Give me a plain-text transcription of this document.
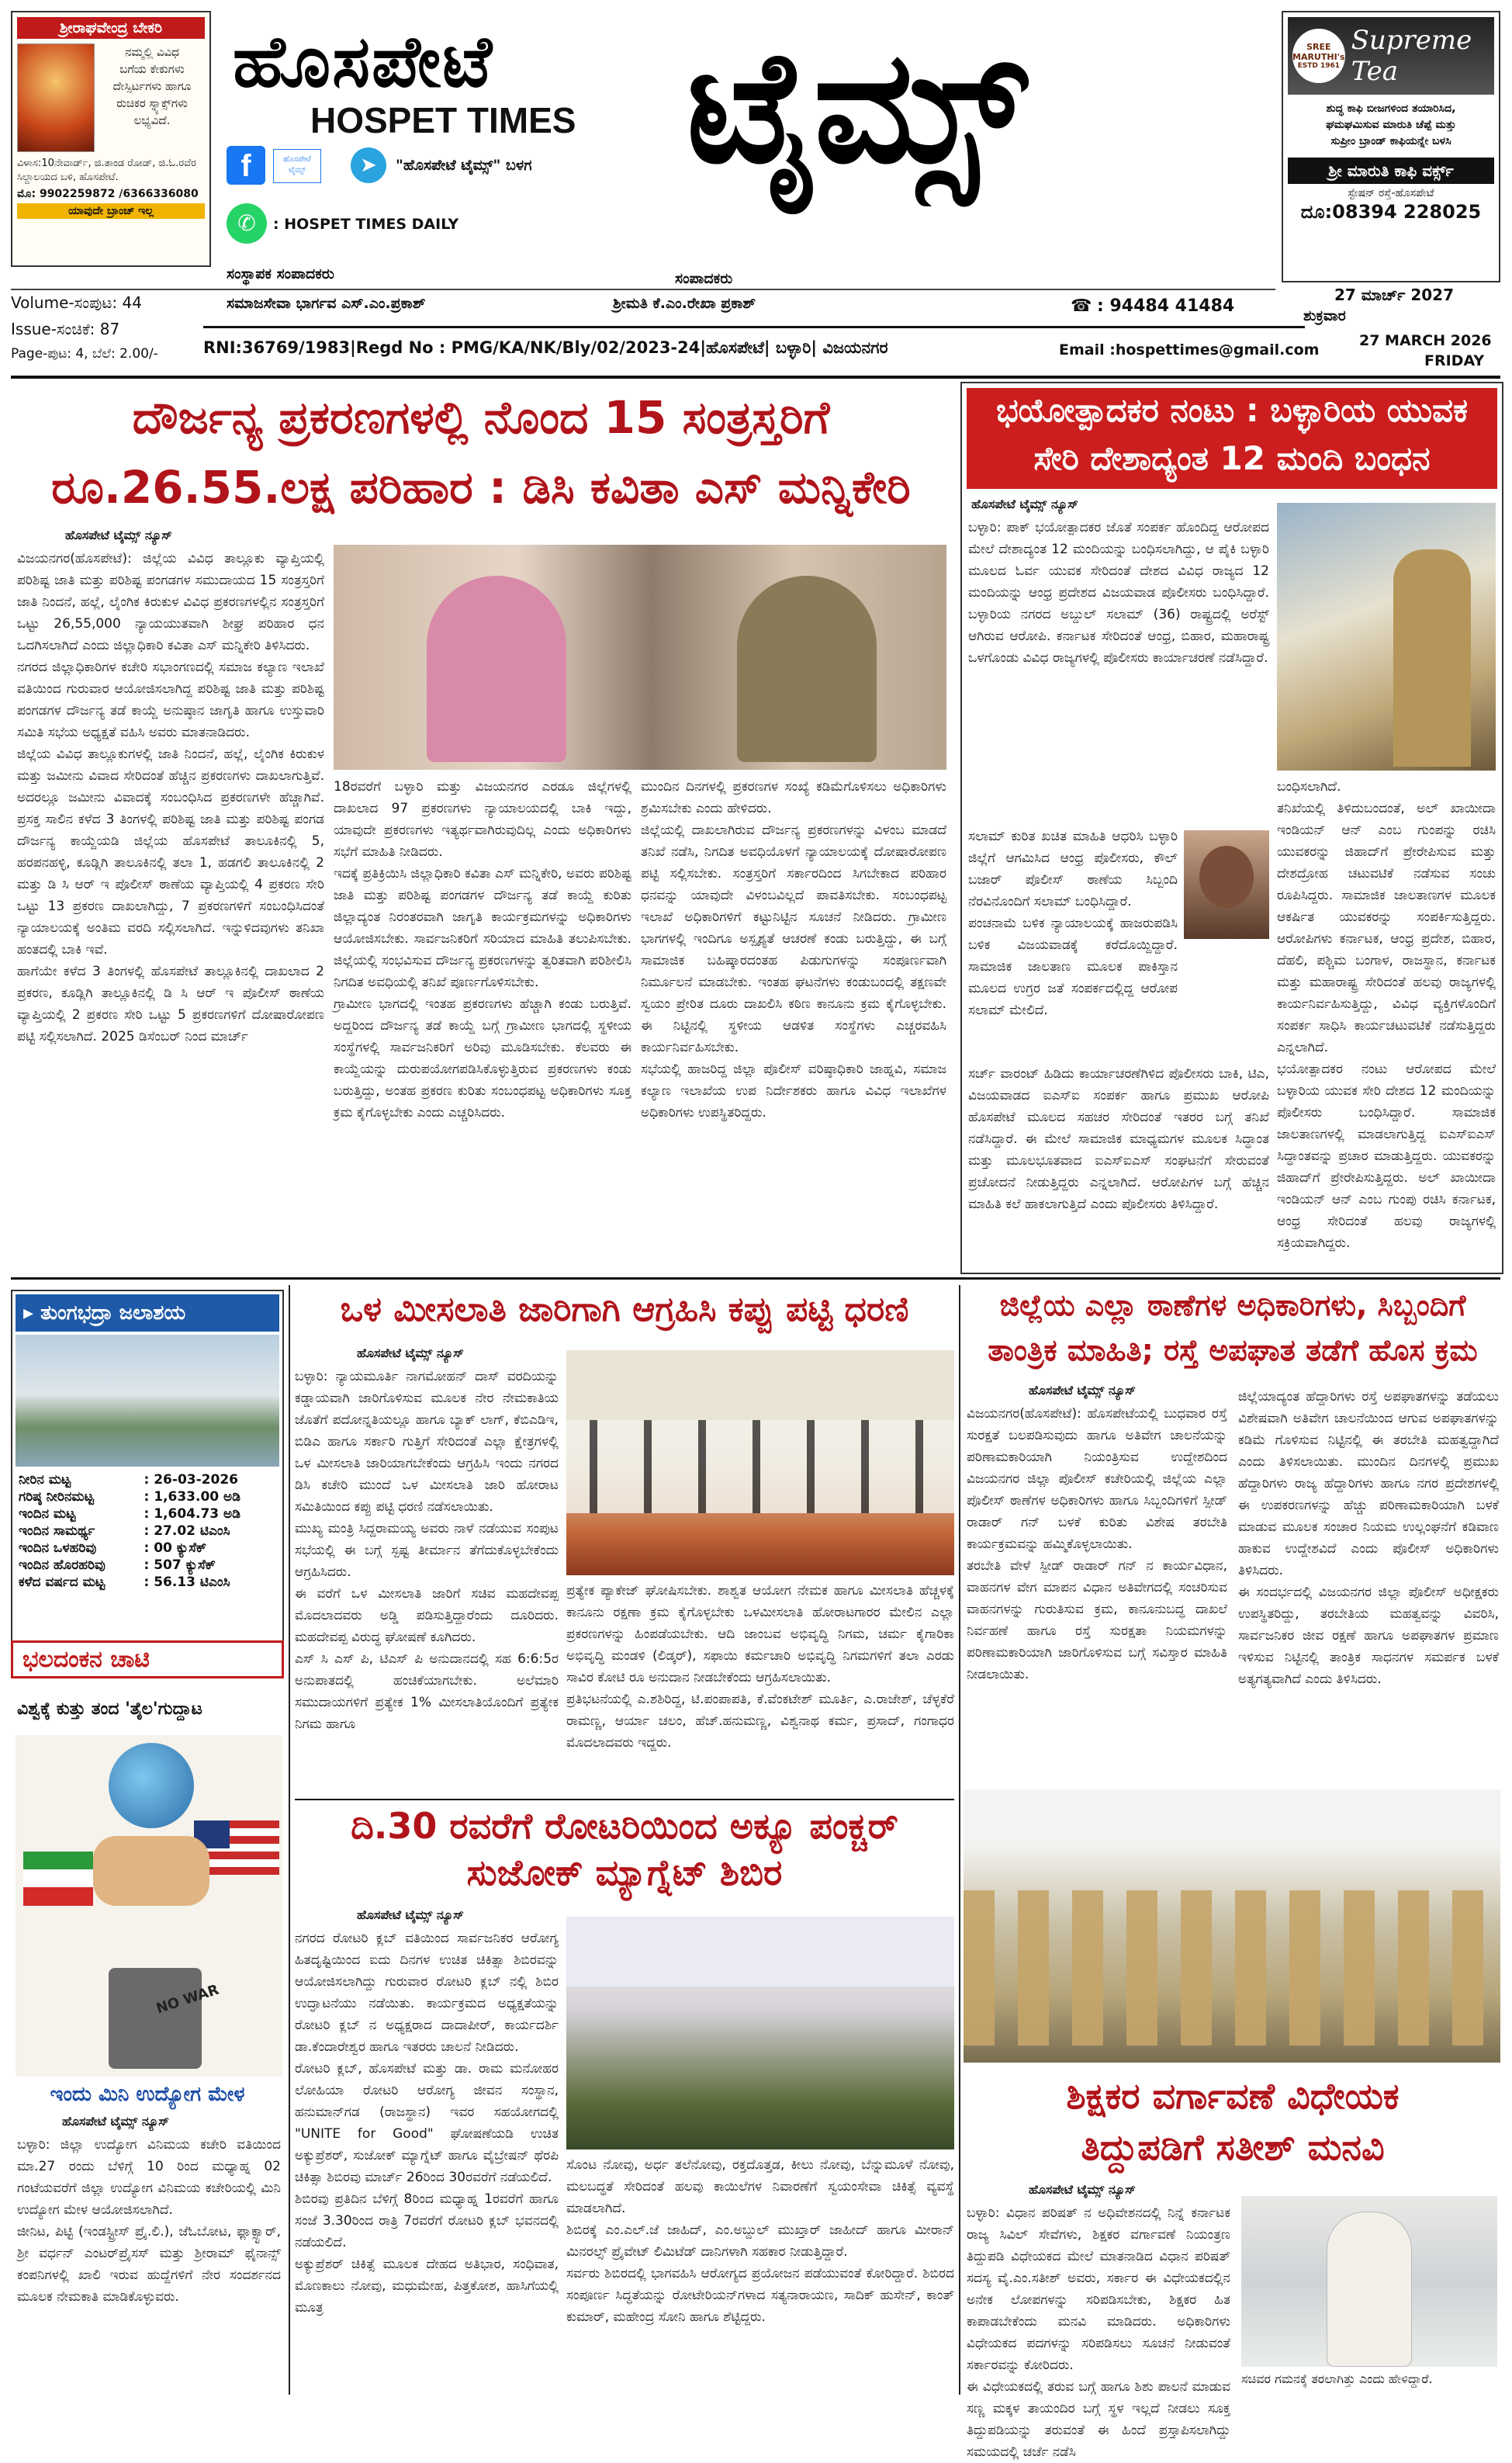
ಶ್ರೀರಾಘವೇಂದ್ರ ಬೇಕರಿ
ನಮ್ಮಲ್ಲಿ ವಿವಿಧ
ಬಗೆಯ ಕೇಕುಗಳು
ದೇಸ್ಸಿರ್ಟಗಳು ಹಾಗೂ
ರುಚಿಕರ ಸ್ನ್ಯಾಕ್ಸ್‌ಗಳು ಲಭ್ಯವಿದೆ.
ವಿಳಾಸ:10ನೇವಾರ್ಡ್, ಜಿ.ತಾಂಡ ರೋಡ್, ಜಿ.ಓ.ರವೆರ ಸಿಲ್ದಾಲಯದ ಬಳಿ, ಹೊಸಪೇಟೆ.
ಮೊ: 9902259872 /6366336080
ಯಾವುದೇ ಬ್ರಾಂಚ್ ಇಲ್ಲ
ಹೊಸಪೇಟೆ
HOSPET TIMES ಟೈಮ್ಸ್
f	ಹೊಸಪೇಟೆ ಟೈಮ್ಸ್	➤	"ಹೊಸಪೇಟೆ ಟೈಮ್ಸ್" ಬಳಗ
✆	: HOSPET TIMES DAILY
ಸಂಸ್ಥಾಪಕ ಸಂಪಾದಕರು
ಸಮಾಜಸೇವಾ ಭಾರ್ಗವ ಎಸ್.ಎಂ.ಪ್ರಕಾಶ್
ಸಂಪಾದಕರು
ಶ್ರೀಮತಿ ಕೆ.ಎಂ.ರೇಖಾ ಪ್ರಕಾಶ್	☎ : 94484 41484
SREE MARUTHI's
ESTD 1961
Supreme Tea
ಶುದ್ಧ ಕಾಫಿ ಬೀಜಗಳಿಂದ ತಯಾರಿಸಿದ,
ಘಮಘಮಿಸುವ ಮಾರುತಿ ಚೆಪ್ಪೆ ಮತ್ತು
ಸುಪ್ರೀಂ ಬ್ರಾಂಡ್ ಕಾಫಿಯನ್ನೇ ಬಳಸಿ
ಶ್ರೀ ಮಾರುತಿ ಕಾಫಿ ವರ್ಕ್ಸ್
ಸ್ಟೇಷನ್ ರಸ್ತೆ-ಹೊಸಪೇಟೆ
ದೂ:08394 228025
27 ಮಾರ್ಚ್ 2027
ಶುಕ್ರವಾರ
Volume-ಸಂಪುಟ: 44
Issue-ಸಂಚಿಕೆ: 87
Page-ಪುಟ: 4, ಬೆಲೆ: 2.00/-	RNI:36769/1983|Regd No : PMG/KA/NK/Bly/02/2023-24|ಹೊಸಪೇಟೆ| ಬಳ್ಳಾರಿ| ವಿಜಯನಗರ	Email :hospettimes@gmail.com
27 MARCH 2026
FRIDAY
ದೌರ್ಜನ್ಯ ಪ್ರಕರಣಗಳಲ್ಲಿ ನೊಂದ 15 ಸಂತ್ರಸ್ತರಿಗೆ
ರೂ.26.55.ಲಕ್ಷ ಪರಿಹಾರ : ಡಿಸಿ ಕವಿತಾ ಎಸ್ ಮನ್ನಿಕೇರಿ
ಹೊಸಪೇಟೆ ಟೈಮ್ಸ್ ನ್ಯೂಸ್
ವಿಜಯನಗರ(ಹೊಸಪೇಟೆ): ಜಿಲ್ಲೆಯ ವಿವಿಧ ತಾಲ್ಲೂಕು ವ್ಯಾಪ್ತಿಯಲ್ಲಿ ಪರಿಶಿಷ್ಟ ಜಾತಿ ಮತ್ತು ಪರಿಶಿಷ್ಟ ಪಂಗಡಗಳ ಸಮುದಾಯದ 15 ಸಂತ್ರಸ್ತರಿಗೆ ಜಾತಿ ನಿಂದನೆ, ಹಲ್ಲೆ, ಲೈಂಗಿಕ ಕಿರುಕುಳ ವಿವಿಧ ಪ್ರಕರಣಗಳಲ್ಲಿನ ಸಂತ್ರಸ್ತರಿಗೆ ಒಟ್ಟು 26,55,000 ನ್ಯಾಯಯುತವಾಗಿ ಶೀಘ್ರ ಪರಿಹಾರ ಧನ ಒದಗಿಸಲಾಗಿದೆ ಎಂದು ಜಿಲ್ಲಾಧಿಕಾರಿ ಕವಿತಾ ಎಸ್ ಮನ್ನಿಕೇರಿ ತಿಳಿಸಿದರು.
ನಗರದ ಜಿಲ್ಲಾಧಿಕಾರಿಗಳ ಕಚೇರಿ ಸಭಾಂಗಣದಲ್ಲಿ ಸಮಾಜ ಕಲ್ಯಾಣ ಇಲಾಖೆ ವತಿಯಿಂದ ಗುರುವಾರ ಆಯೋಜಿಸಲಾಗಿದ್ದ ಪರಿಶಿಷ್ಟ ಜಾತಿ ಮತ್ತು ಪರಿಶಿಷ್ಟ ಪಂಗಡಗಳ ದೌರ್ಜನ್ಯ ತಡೆ ಕಾಯ್ದೆ ಅನುಷ್ಠಾನ ಜಾಗೃತಿ ಹಾಗೂ ಉಸ್ತುವಾರಿ ಸಮಿತಿ ಸಭೆಯ ಅಧ್ಯಕ್ಷತೆ ವಹಿಸಿ ಅವರು ಮಾತನಾಡಿದರು.
ಜಿಲ್ಲೆಯ ವಿವಿಧ ತಾಲ್ಲೂಕುಗಳಲ್ಲಿ ಜಾತಿ ನಿಂದನೆ, ಹಲ್ಲೆ, ಲೈಂಗಿಕ ಕಿರುಕುಳ ಮತ್ತು ಜಮೀನು ವಿವಾದ ಸೇರಿದಂತೆ ಹೆಚ್ಚಿನ ಪ್ರಕರಣಗಳು ದಾಖಲಾಗುತ್ತಿವೆ. ಅದರಲ್ಲೂ ಜಮೀನು ವಿವಾದಕ್ಕೆ ಸಂಬಂಧಿಸಿದ ಪ್ರಕರಣಗಳೇ ಹೆಚ್ಚಾಗಿವೆ. ಪ್ರಸಕ್ತ ಸಾಲಿನ ಕಳೆದ 3 ತಿಂಗಳಲ್ಲಿ ಪರಿಶಿಷ್ಟ ಜಾತಿ ಮತ್ತು ಪರಿಶಿಷ್ಟ ಪಂಗಡ ದೌರ್ಜನ್ಯ ಕಾಯ್ದೆಯಡಿ ಜಿಲ್ಲೆಯ ಹೊಸಪೇಟೆ ತಾಲೂಕಿನಲ್ಲಿ 5, ಹರಪನಹಳ್ಳಿ, ಕೂಡ್ಲಿಗಿ ತಾಲೂಕಿನಲ್ಲಿ ತಲಾ 1, ಹಡಗಲಿ ತಾಲೂಕಿನಲ್ಲಿ 2 ಮತ್ತು ಡಿ ಸಿ ಆರ್ ಇ ಪೊಲೀಸ್ ಠಾಣೆಯ ವ್ಯಾಪ್ತಿಯಲ್ಲಿ 4 ಪ್ರಕರಣ ಸೇರಿ ಒಟ್ಟು 13 ಪ್ರಕರಣ ದಾಖಲಾಗಿದ್ದು, 7 ಪ್ರಕರಣಗಳಿಗೆ ಸಂಬಂಧಿಸಿದಂತೆ ನ್ಯಾಯಾಲಯಕ್ಕೆ ಅಂತಿಮ ವರದಿ ಸಲ್ಲಿಸಲಾಗಿದೆ. ಇನ್ನುಳಿದವುಗಳು ತನಿಖಾ ಹಂತದಲ್ಲಿ ಬಾಕಿ ಇವೆ.
ಹಾಗೆಯೇ ಕಳೆದ 3 ತಿಂಗಳಲ್ಲಿ ಹೊಸಪೇಟೆ ತಾಲ್ಲೂಕಿನಲ್ಲಿ ದಾಖಲಾದ 2 ಪ್ರಕರಣ, ಕೂಡ್ಲಿಗಿ ತಾಲ್ಲೂಕಿನಲ್ಲಿ ಡಿ ಸಿ ಆರ್ ಇ ಪೊಲೀಸ್ ಠಾಣೆಯ ವ್ಯಾಪ್ತಿಯಲ್ಲಿ 2 ಪ್ರಕರಣ ಸೇರಿ ಒಟ್ಟು 5 ಪ್ರಕರಣಗಳಿಗೆ ದೋಷಾರೋಪಣ ಪಟ್ಟಿ ಸಲ್ಲಿಸಲಾಗಿದೆ. 2025 ಡಿಸೆಂಬರ್ ನಿಂದ ಮಾರ್ಚ್
18ರವರೆಗೆ ಬಳ್ಳಾರಿ ಮತ್ತು ವಿಜಯನಗರ ಎರಡೂ ಜಿಲ್ಲೆಗಳಲ್ಲಿ ದಾಖಲಾದ 97 ಪ್ರಕರಣಗಳು ನ್ಯಾಯಾಲಯದಲ್ಲಿ ಬಾಕಿ ಇದ್ದು, ಯಾವುದೇ ಪ್ರಕರಣಗಳು ಇತ್ಯರ್ಥವಾಗಿರುವುದಿಲ್ಲ ಎಂದು ಅಧಿಕಾರಿಗಳು ಸಭೆಗೆ ಮಾಹಿತಿ ನೀಡಿದರು.
ಇದಕ್ಕೆ ಪ್ರತಿಕ್ರಿಯಿಸಿ ಜಿಲ್ಲಾಧಿಕಾರಿ ಕವಿತಾ ಎಸ್ ಮನ್ನಿಕೇರಿ, ಅವರು ಪರಿಶಿಷ್ಟ ಜಾತಿ ಮತ್ತು ಪರಿಶಿಷ್ಟ ಪಂಗಡಗಳ ದೌರ್ಜನ್ಯ ತಡೆ ಕಾಯ್ದೆ ಕುರಿತು ಜಿಲ್ಲಾದ್ಯಂತ ನಿರಂತರವಾಗಿ ಜಾಗೃತಿ ಕಾರ್ಯಕ್ರಮಗಳನ್ನು ಅಧಿಕಾರಿಗಳು ಆಯೋಜಿಸಬೇಕು. ಸಾರ್ವಜನಿಕರಿಗೆ ಸರಿಯಾದ ಮಾಹಿತಿ ತಲುಪಿಸಬೇಕು. ಜಿಲ್ಲೆಯಲ್ಲಿ ಸಂಭವಿಸುವ ದೌರ್ಜನ್ಯ ಪ್ರಕರಣಗಳನ್ನು ತ್ವರಿತವಾಗಿ ಪರಿಶೀಲಿಸಿ ನಿಗದಿತ ಅವಧಿಯಲ್ಲಿ ತನಿಖೆ ಪೂರ್ಣಗೊಳಿಸಬೇಕು.
ಗ್ರಾಮೀಣ ಭಾಗದಲ್ಲಿ ಇಂತಹ ಪ್ರಕರಣಗಳು ಹೆಚ್ಚಾಗಿ ಕಂಡು ಬರುತ್ತಿವೆ. ಅದ್ದರಿಂದ ದೌರ್ಜನ್ಯ ತಡೆ ಕಾಯ್ದೆ ಬಗ್ಗೆ ಗ್ರಾಮೀಣ ಭಾಗದಲ್ಲಿ ಸ್ಥಳೀಯ ಸಂಸ್ಥೆಗಳಲ್ಲಿ ಸಾರ್ವಜನಿಕರಿಗೆ ಅರಿವು ಮೂಡಿಸಬೇಕು. ಕೆಲವರು ಈ ಕಾಯ್ದೆಯನ್ನು ದುರುಪಯೋಗಪಡಿಸಿಕೊಳ್ಳುತ್ತಿರುವ ಪ್ರಕರಣಗಳು ಕಂಡು ಬರುತ್ತಿದ್ದು, ಅಂತಹ ಪ್ರಕರಣ ಕುರಿತು ಸಂಬಂಧಪಟ್ಟ ಅಧಿಕಾರಿಗಳು ಸೂಕ್ತ ಕ್ರಮ ಕೈಗೊಳ್ಳಬೇಕು ಎಂದು ಎಚ್ಚರಿಸಿದರು.
ಮುಂದಿನ ದಿನಗಳಲ್ಲಿ ಪ್ರಕರಣಗಳ ಸಂಖ್ಯೆ ಕಡಿಮೆಗೊಳಿಸಲು ಅಧಿಕಾರಿಗಳು ಶ್ರಮಿಸಬೇಕು ಎಂದು ಹೇಳಿದರು.
ಜಿಲ್ಲೆಯಲ್ಲಿ ದಾಖಲಾಗಿರುವ ದೌರ್ಜನ್ಯ ಪ್ರಕರಣಗಳನ್ನು ವಿಳಂಬ ಮಾಡದೆ ತನಿಖೆ ನಡೆಸಿ, ನಿಗದಿತ ಅವಧಿಯೊಳಗೆ ನ್ಯಾಯಾಲಯಕ್ಕೆ ದೋಷಾರೋಪಣ ಪಟ್ಟಿ ಸಲ್ಲಿಸಬೇಕು. ಸಂತ್ರಸ್ತರಿಗೆ ಸರ್ಕಾರದಿಂದ ಸಿಗಬೇಕಾದ ಪರಿಹಾರ ಧನವನ್ನು ಯಾವುದೇ ವಿಳಂಬವಿಲ್ಲದೆ ಪಾವತಿಸಬೇಕು. ಸಂಬಂಧಪಟ್ಟ ಇಲಾಖೆ ಅಧಿಕಾರಿಗಳಿಗೆ ಕಟ್ಟುನಿಟ್ಟಿನ ಸೂಚನೆ ನೀಡಿದರು. ಗ್ರಾಮೀಣ ಭಾಗಗಳಲ್ಲಿ ಇಂದಿಗೂ ಅಸ್ಪೃಶ್ಯತೆ ಆಚರಣೆ ಕಂಡು ಬರುತ್ತಿದ್ದು, ಈ ಬಗ್ಗೆ ಸಾಮಾಜಿಕ ಬಹಿಷ್ಕಾರದಂತಹ ಪಿಡುಗುಗಳನ್ನು ಸಂಪೂರ್ಣವಾಗಿ ನಿರ್ಮೂಲನೆ ಮಾಡಬೇಕು. ಇಂತಹ ಘಟನೆಗಳು ಕಂಡುಬಂದಲ್ಲಿ ತಕ್ಷಣವೇ ಸ್ವಯಂ ಪ್ರೇರಿತ ದೂರು ದಾಖಲಿಸಿ ಕಠಿಣ ಕಾನೂನು ಕ್ರಮ ಕೈಗೊಳ್ಳಬೇಕು. ಈ ನಿಟ್ಟಿನಲ್ಲಿ ಸ್ಥಳೀಯ ಆಡಳಿತ ಸಂಸ್ಥೆಗಳು ಎಚ್ಚರವಹಿಸಿ ಕಾರ್ಯನಿರ್ವಹಿಸಬೇಕು.
ಸಭೆಯಲ್ಲಿ ಹಾಜರಿದ್ದ ಜಿಲ್ಲಾ ಪೊಲೀಸ್ ವರಿಷ್ಠಾಧಿಕಾರಿ ಜಾಹ್ನವಿ, ಸಮಾಜ ಕಲ್ಯಾಣ ಇಲಾಖೆಯ ಉಪ ನಿರ್ದೇಶಕರು ಹಾಗೂ ವಿವಿಧ ಇಲಾಖೆಗಳ ಅಧಿಕಾರಿಗಳು ಉಪಸ್ಥಿತರಿದ್ದರು.
ಭಯೋತ್ಪಾದಕರ ನಂಟು : ಬಳ್ಳಾರಿಯ ಯುವಕ
ಸೇರಿ ದೇಶಾದ್ಯಂತ 12 ಮಂದಿ ಬಂಧನ
ಹೊಸಪೇಟೆ ಟೈಮ್ಸ್ ನ್ಯೂಸ್
ಬಳ್ಳಾರಿ: ಪಾಕ್ ಭಯೋತ್ಪಾದಕರ ಜೊತೆ ಸಂಪರ್ಕ ಹೊಂದಿದ್ದ ಆರೋಪದ ಮೇಲೆ ದೇಶಾದ್ಯಂತ 12 ಮಂದಿಯನ್ನು ಬಂಧಿಸಲಾಗಿದ್ದು, ಆ ಪೈಕಿ ಬಳ್ಳಾರಿ ಮೂಲದ ಓರ್ವ ಯುವಕ ಸೇರಿದಂತೆ ದೇಶದ ವಿವಿಧ ರಾಜ್ಯದ 12 ಮಂದಿಯನ್ನು ಆಂಧ್ರ ಪ್ರದೇಶದ ವಿಜಯವಾಡ ಪೊಲೀಸರು ಬಂಧಿಸಿದ್ದಾರೆ. ಬಳ್ಳಾರಿಯ ನಗರದ ಅಬ್ದುಲ್ ಸಲಾಮ್ (36) ರಾಷ್ಟ್ರದಲ್ಲಿ ಅರೆಸ್ಟ್ ಆಗಿರುವ ಆರೋಪಿ. ಕರ್ನಾಟಕ ಸೇರಿದಂತೆ ಆಂಧ್ರ, ಬಿಹಾರ, ಮಹಾರಾಷ್ಟ್ರ ಒಳಗೊಂಡು ವಿವಿಧ ರಾಜ್ಯಗಳಲ್ಲಿ ಪೊಲೀಸರು ಕಾರ್ಯಾಚರಣೆ ನಡೆಸಿದ್ದಾರೆ.
ಸಲಾಮ್ ಕುರಿತ ಖಚಿತ ಮಾಹಿತಿ ಆಧರಿಸಿ ಬಳ್ಳಾರಿ ಜಿಲ್ಲೆಗೆ ಆಗಮಿಸಿದ ಆಂಧ್ರ ಪೊಲೀಸರು, ಕೌಲ್ ಬಜಾರ್ ಪೊಲೀಸ್ ಠಾಣೆಯ ಸಿಬ್ಬಂದಿ ನೆರವಿನೊಂದಿಗೆ ಸಲಾಮ್ ಬಂಧಿಸಿದ್ದಾರೆ.
ಪಂಚನಾಮೆ ಬಳಿಕ ನ್ಯಾಯಾಲಯಕ್ಕೆ ಹಾಜರುಪಡಿಸಿ ಬಳಿಕ ವಿಜಯವಾಡಕ್ಕೆ ಕರೆದೊಯ್ದಿದ್ದಾರೆ. ಸಾಮಾಜಿಕ ಜಾಲತಾಣ ಮೂಲಕ ಪಾಕಿಸ್ತಾನ ಮೂಲದ ಉಗ್ರರ ಜತೆ ಸಂಪರ್ಕದಲ್ಲಿದ್ದ ಆರೋಪ ಸಲಾಮ್ ಮೇಲಿದೆ.
ಸರ್ಚ್ ವಾರಂಟ್ ಹಿಡಿದು ಕಾರ್ಯಾಚರಣೆಗಿಳಿದ ಪೊಲೀಸರು ಬಾಕಿ, ಟಿಎ, ವಿಜಯವಾಡದ ಐಎಸ್ಐ ಸಂಪರ್ಕ ಹಾಗೂ ಪ್ರಮುಖ ಆರೋಪಿ ಹೊಸಪೇಟೆ ಮೂಲದ ಸಹಚರ ಸೇರಿದಂತೆ ಇತರರ ಬಗ್ಗೆ ತನಿಖೆ ನಡೆಸಿದ್ದಾರೆ. ಈ ಮೇಲೆ ಸಾಮಾಜಿಕ ಮಾಧ್ಯಮಗಳ ಮೂಲಕ ಸಿದ್ಧಾಂತ ಮತ್ತು ಮೂಲಭೂತವಾದ ಐಎಸ್ಐಎಸ್ ಸಂಘಟನೆಗೆ ಸೇರುವಂತೆ ಪ್ರಚೋದನೆ ನೀಡುತ್ತಿದ್ದರು ಎನ್ನಲಾಗಿದೆ. ಆರೋಪಿಗಳ ಬಗ್ಗೆ ಹೆಚ್ಚಿನ ಮಾಹಿತಿ ಕಲೆ ಹಾಕಲಾಗುತ್ತಿದೆ ಎಂದು ಪೊಲೀಸರು ತಿಳಿಸಿದ್ದಾರೆ.
ಬಂಧಿಸಲಾಗಿದೆ.
ತನಿಖೆಯಲ್ಲಿ ತಿಳಿದುಬಂದಂತೆ, ಅಲ್ ಖಾಯೀದಾ ಇಂಡಿಯನ್ ಆನ್ ಎಂಬ ಗುಂಪನ್ನು ರಚಿಸಿ ಯುವಕರನ್ನು ಜಿಹಾದ್‌ಗೆ ಪ್ರೇರೇಪಿಸುವ ಮತ್ತು ದೇಶದ್ರೋಹ ಚಟುವಟಿಕೆ ನಡೆಸುವ ಸಂಚು ರೂಪಿಸಿದ್ದರು. ಸಾಮಾಜಿಕ ಜಾಲತಾಣಗಳ ಮೂಲಕ ಆಕರ್ಷಿತ ಯುವಕರನ್ನು ಸಂಪರ್ಕಿಸುತ್ತಿದ್ದರು. ಆರೋಪಿಗಳು ಕರ್ನಾಟಕ, ಆಂಧ್ರ ಪ್ರದೇಶ, ಬಿಹಾರ, ದೆಹಲಿ, ಪಶ್ಚಿಮ ಬಂಗಾಳ, ರಾಜಸ್ಥಾನ, ಕರ್ನಾಟಕ ಮತ್ತು ಮಹಾರಾಷ್ಟ್ರ ಸೇರಿದಂತೆ ಹಲವು ರಾಜ್ಯಗಳಲ್ಲಿ ಕಾರ್ಯನಿರ್ವಹಿಸುತ್ತಿದ್ದು, ವಿವಿಧ ವ್ಯಕ್ತಿಗಳೊಂದಿಗೆ ಸಂಪರ್ಕ ಸಾಧಿಸಿ ಕಾರ್ಯಚಟುವಟಿಕೆ ನಡೆಸುತ್ತಿದ್ದರು ಎನ್ನಲಾಗಿದೆ.
ಭಯೋತ್ಪಾದಕರ ನಂಟು ಆರೋಪದ ಮೇಲೆ ಬಳ್ಳಾರಿಯ ಯುವಕ ಸೇರಿ ದೇಶದ 12 ಮಂದಿಯನ್ನು ಪೊಲೀಸರು ಬಂಧಿಸಿದ್ದಾರೆ. ಸಾಮಾಜಿಕ ಜಾಲತಾಣಗಳಲ್ಲಿ ಮಾಡಲಾಗುತ್ತಿದ್ದ ಐಎಸ್ಐಎಸ್ ಸಿದ್ಧಾಂತವನ್ನು ಪ್ರಚಾರ ಮಾಡುತ್ತಿದ್ದರು. ಯುವಕರನ್ನು ಜಿಹಾದ್‌ಗೆ ಪ್ರೇರೇಪಿಸುತ್ತಿದ್ದರು. ಅಲ್ ಖಾಯೀದಾ ಇಂಡಿಯನ್ ಆನ್ ಎಂಬ ಗುಂಪು ರಚಿಸಿ ಕರ್ನಾಟಕ, ಆಂಧ್ರ ಸೇರಿದಂತೆ ಹಲವು ರಾಜ್ಯಗಳಲ್ಲಿ ಸಕ್ರಿಯವಾಗಿದ್ದರು.
▸ ತುಂಗಭದ್ರಾ ಜಲಾಶಯ
ನೀರಿನ ಮಟ್ಟ	: 26-03-2026
ಗರಿಷ್ಠ ನೀರಿನಮಟ್ಟ	: 1,633.00 ಅಡಿ
ಇಂದಿನ ಮಟ್ಟ	: 1,604.73 ಅಡಿ
ಇಂದಿನ ಸಾಮರ್ಥ್ಯ	: 27.02 ಟಿಎಂಸಿ
ಇಂದಿನ ಒಳಹರಿವು	: 00 ಕ್ಯುಸೆಕ್
ಇಂದಿನ ಹೊರಹರಿವು	: 507 ಕ್ಯುಸೆಕ್
ಕಳೆದ ವರ್ಷದ ಮಟ್ಟ	: 56.13 ಟಿಎಂಸಿ
ಭಲದಂಕನ ಚಾಟಿ
ವಿಶ್ವಕ್ಕೆ ಕುತ್ತು ತಂದ 'ತೈಲ'ಗುದ್ದಾಟ
NO WAR
ಇಂದು ಮಿನಿ ಉದ್ಯೋಗ ಮೇಳ
ಹೊಸಪೇಟೆ ಟೈಮ್ಸ್ ನ್ಯೂಸ್
ಬಳ್ಳಾರಿ: ಜಿಲ್ಲಾ ಉದ್ಯೋಗ ವಿನಿಮಯ ಕಚೇರಿ ವತಿಯಿಂದ ಮಾ.27 ರಂದು ಬೆಳಿಗ್ಗೆ 10 ರಿಂದ ಮಧ್ಯಾಹ್ನ 02 ಗಂಟೆಯವರೆಗೆ ಜಿಲ್ಲಾ ಉದ್ಯೋಗ ವಿನಿಮಯ ಕಚೇರಿಯಲ್ಲಿ ಮಿನಿ ಉದ್ಯೋಗ ಮೇಳ ಆಯೋಜಿಸಲಾಗಿದೆ.
ಜೀನಿಟ, ಪಿಟ್ಟಿ (ಇಂಡಸ್ಟ್ರೀಸ್ ಪ್ರೈ.ಲಿ.), ಜೆಓಬೋಟ, ಫ್ಲಾಕ್ಸ್ಟಾರ್, ಶ್ರೀ ವರ್ಧನ್ ಎಂಟರ್‌ಪ್ರೈಸಸ್ ಮತ್ತು ಶ್ರೀರಾಮ್ ಫೈನಾನ್ಸ್ ಕಂಪನಿಗಳಲ್ಲಿ ಖಾಲಿ ಇರುವ ಹುದ್ದೆಗಳಿಗೆ ನೇರ ಸಂದರ್ಶನದ ಮೂಲಕ ನೇಮಕಾತಿ ಮಾಡಿಕೊಳ್ಳುವರು.
ಒಳ ಮೀಸಲಾತಿ ಜಾರಿಗಾಗಿ ಆಗ್ರಹಿಸಿ ಕಪ್ಪು ಪಟ್ಟಿ ಧರಣಿ
ಹೊಸಪೇಟೆ ಟೈಮ್ಸ್ ನ್ಯೂಸ್
ಬಳ್ಳಾರಿ: ನ್ಯಾಯಮೂರ್ತಿ ನಾಗಮೋಹನ್ ದಾಸ್ ವರದಿಯನ್ನು ಕಡ್ಡಾಯವಾಗಿ ಜಾರಿಗೊಳಿಸುವ ಮೂಲಕ ನೇರ ನೇಮಕಾತಿಯ ಜೊತೆಗೆ ಪದೋನ್ನತಿಯಲ್ಲೂ ಹಾಗೂ ಬ್ಯಾಕ್ ಲಾಗ್, ಕೆಬಿಎಡಿಇ, ಬಿಡಿಎ ಹಾಗೂ ಸರ್ಕಾರಿ ಗುತ್ತಿಗೆ ಸೇರಿದಂತೆ ಎಲ್ಲಾ ಕ್ಷೇತ್ರಗಳಲ್ಲಿ ಒಳ ಮೀಸಲಾತಿ ಜಾರಿಯಾಗಬೇಕೆಂದು ಆಗ್ರಹಿಸಿ ಇಂದು ನಗರದ ಡಿಸಿ ಕಚೇರಿ ಮುಂದೆ ಒಳ ಮೀಸಲಾತಿ ಜಾರಿ ಹೋರಾಟ ಸಮಿತಿಯಿಂದ ಕಪ್ಪು ಪಟ್ಟಿ ಧರಣಿ ನಡೆಸಲಾಯಿತು.
ಮುಖ್ಯ ಮಂತ್ರಿ ಸಿದ್ದರಾಮಯ್ಯ ಅವರು ನಾಳೆ ನಡೆಯುವ ಸಂಪುಟ ಸಭೆಯಲ್ಲಿ ಈ ಬಗ್ಗೆ ಸ್ಪಷ್ಟ ತೀರ್ಮಾನ ತೆಗೆದುಕೊಳ್ಳಬೇಕೆಂದು ಆಗ್ರಹಿಸಿದರು.
ಈ ವರೆಗೆ ಒಳ ಮೀಸಲಾತಿ ಜಾರಿಗೆ ಸಚಿವ ಮಹದೇವಪ್ಪ ಮೊದಲಾದವರು ಅಡ್ಡಿ ಪಡಿಸುತ್ತಿದ್ದಾರೆಂದು ದೂರಿದರು. ಮಹದೇವಪ್ಪ ವಿರುದ್ಧ ಘೋಷಣೆ ಕೂಗಿದರು.
ಎಸ್ ಸಿ ಎಸ್ ಪಿ, ಟಿಎಸ್ ಪಿ ಅನುದಾನದಲ್ಲಿ ಸಹ 6:6:5ರ ಅನುಪಾತದಲ್ಲಿ ಹಂಚಿಕೆಯಾಗಬೇಕು. ಅಲೆಮಾರಿ ಸಮುದಾಯಗಳಿಗೆ ಪ್ರತ್ಯೇಕ 1% ಮೀಸಲಾತಿಯೊಂದಿಗೆ ಪ್ರತ್ಯೇಕ ನಿಗಮ ಹಾಗೂ
ಪ್ರತ್ಯೇಕ ಪ್ಯಾಕೇಜ್ ಘೋಷಿಸಬೇಕು. ಶಾಶ್ವತ ಆಯೋಗ ನೇಮಕ ಹಾಗೂ ಮೀಸಲಾತಿ ಹೆಚ್ಚಳಕ್ಕೆ ಕಾನೂನು ರಕ್ಷಣಾ ಕ್ರಮ ಕೈಗೊಳ್ಳಬೇಕು ಒಳಮೀಸಲಾತಿ ಹೋರಾಟಗಾರರ ಮೇಲಿನ ಎಲ್ಲಾ ಪ್ರಕರಣಗಳನ್ನು ಹಿಂಪಡೆಯಬೇಕು. ಆದಿ ಜಾಂಬವ ಅಭಿವೃದ್ಧಿ ನಿಗಮ, ಚರ್ಮ ಕೈಗಾರಿಕಾ ಅಭಿವೃದ್ಧಿ ಮಂಡಳಿ (ಲಿಡ್ಕರ್), ಸಫಾಯಿ ಕರ್ಮಚಾರಿ ಅಭಿವೃದ್ಧಿ ನಿಗಮಗಳಿಗೆ ತಲಾ ಎರಡು ಸಾವಿರ ಕೋಟಿ ರೂ ಅನುದಾನ ನೀಡಬೇಕೆಂದು ಆಗ್ರಹಿಸಲಾಯಿತು.
ಪ್ರತಿಭಟನೆಯಲ್ಲಿ ಎ.ಶಶಿರಿದ್ದ, ಟಿ.ಪಂಪಾಪತಿ, ಕೆ.ವೆಂಕಟೇಶ್ ಮೂರ್ತಿ, ಎ.ರಾಜೇಶ್, ಚೆಳ್ಳಕೆರೆ ರಾಮಣ್ಣ, ಆರ್ಯಾ ಚಲಂ, ಹೆಚ್.ಹನುಮಣ್ಣ, ವಿಶ್ವನಾಥ ಕರ್ಮ, ಪ್ರಸಾದ್, ಗಂಗಾಧರ ಮೊದಲಾದವರು ಇದ್ದರು.
ದಿ.30 ರವರೆಗೆ ರೋಟರಿಯಿಂದ ಅಕ್ಯೂ ಪಂಕ್ಚರ್
ಸುಜೋಕ್ ಮ್ಯಾಗ್ನೆಟ್ ಶಿಬಿರ
ಹೊಸಪೇಟೆ ಟೈಮ್ಸ್ ನ್ಯೂಸ್
ನಗರದ ರೋಟರಿ ಕ್ಲಬ್ ವತಿಯಿಂದ ಸಾರ್ವಜನಿಕರ ಆರೋಗ್ಯ ಹಿತದೃಷ್ಟಿಯಿಂದ ಐದು ದಿನಗಳ ಉಚಿತ ಚಿಕಿತ್ಸಾ ಶಿಬಿರವನ್ನು ಆಯೋಜಿಸಲಾಗಿದ್ದು ಗುರುವಾರ ರೋಟರಿ ಕ್ಲಬ್ ನಲ್ಲಿ ಶಿಬಿರ ಉದ್ಘಾಟನೆಯು ನಡೆಯಿತು. ಕಾರ್ಯಕ್ರಮದ ಅಧ್ಯಕ್ಷತೆಯನ್ನು ರೋಟರಿ ಕ್ಲಬ್ ನ ಅಧ್ಯಕ್ಷರಾದ ದಾದಾಪೀರ್, ಕಾರ್ಯದರ್ಶಿ ಡಾ.ಕೆಂದಾರೇಶ್ವರ ಹಾಗೂ ಇತರರು ಚಾಲನೆ ನೀಡಿದರು.
ರೋಟರಿ ಕ್ಲಬ್, ಹೊಸಪೇಟೆ ಮತ್ತು ಡಾ. ರಾಮ ಮನೋಹರ ಲೋಹಿಯಾ ರೋಟರಿ ಆರೋಗ್ಯ ಜೀವನ ಸಂಸ್ಥಾನ, ಹನುಮಾನ್‌ಗಡ (ರಾಜಸ್ಥಾನ) ಇವರ ಸಹಯೋಗದಲ್ಲಿ "UNITE for Good" ಘೋಷಣೆಯಡಿ ಉಚಿತ ಅಕ್ಯುಪ್ರೆಶರ್, ಸುಜೋಕ್ ಮ್ಯಾಗ್ನೆಟ್ ಹಾಗೂ ವೈಬ್ರೇಷನ್ ಥೆರಪಿ ಚಿಕಿತ್ಸಾ ಶಿಬಿರವು ಮಾರ್ಚ್ 26ರಿಂದ 30ರವರೆಗೆ ನಡೆಯಲಿದೆ.
ಶಿಬಿರವು ಪ್ರತಿದಿನ ಬೆಳಿಗ್ಗೆ 8ರಿಂದ ಮಧ್ಯಾಹ್ನ 1ರವರೆಗೆ ಹಾಗೂ ಸಂಜೆ 3.30ರಿಂದ ರಾತ್ರಿ 7ರವರೆಗೆ ರೋಟರಿ ಕ್ಲಬ್ ಭವನದಲ್ಲಿ ನಡೆಯಲಿದೆ.
ಅಕ್ಯುಪ್ರೆಶರ್ ಚಿಕಿತ್ಸೆ ಮೂಲಕ ದೇಹದ ಅತಿಭಾರ, ಸಂಧಿವಾತ, ಮೊಣಕಾಲು ನೋವು, ಮಧುಮೇಹ, ಪಿತ್ತಕೋಶ, ಹಾಸಿಗೆಯಲ್ಲಿ ಮೂತ್ರ
ಸೊಂಟ ನೋವು, ಅರ್ಧ ತಲೆನೋವು, ರಕ್ತದೊತ್ತಡ, ಕೀಲು ನೋವು, ಬೆನ್ನುಮೂಳೆ ನೋವು, ಮಲಬದ್ಧತೆ ಸೇರಿದಂತೆ ಹಲವು ಕಾಯಿಲೆಗಳ ನಿವಾರಣೆಗೆ ಸ್ವಯಂಸೇವಾ ಚಿಕಿತ್ಸೆ ವ್ಯವಸ್ಥೆ ಮಾಡಲಾಗಿದೆ.
ಶಿಬಿರಕ್ಕೆ ಎಂ.ಎಲ್.ಜೆ ಜಾಹಿದ್, ಎಂ.ಅಬ್ದುಲ್ ಮುಖ್ತಾರ್ ಜಾಹೀದ್ ಹಾಗೂ ಮೀರಾನ್ ಮಿನರಲ್ಸ್ ಪ್ರೈವೇಟ್ ಲಿಮಿಟೆಡ್ ದಾನಿಗಳಾಗಿ ಸಹಕಾರ ನೀಡುತ್ತಿದ್ದಾರೆ.
ಸರ್ವರು ಶಿಬಿರದಲ್ಲಿ ಭಾಗವಹಿಸಿ ಆರೋಗ್ಯದ ಪ್ರಯೋಜನ ಪಡೆಯುವಂತೆ ಕೋರಿದ್ದಾರೆ. ಶಿಬಿರದ ಸಂಪೂರ್ಣ ಸಿದ್ಧತೆಯನ್ನು ರೋಟೇರಿಯನ್‌ಗಳಾದ ಸತ್ಯನಾರಾಯಣ, ಸಾದಿಕ್ ಹುಸೇನ್, ಕಾಂತ್ ಕುಮಾರ್, ಮಹೇಂದ್ರ ಸೋನಿ ಹಾಗೂ ಶೆಟ್ಟಿದ್ದರು.
ಜಿಲ್ಲೆಯ ಎಲ್ಲಾ ಠಾಣೆಗಳ ಅಧಿಕಾರಿಗಳು, ಸಿಬ್ಬಂದಿಗೆ
ತಾಂತ್ರಿಕ ಮಾಹಿತಿ; ರಸ್ತೆ ಅಪಘಾತ ತಡೆಗೆ ಹೊಸ ಕ್ರಮ
ಹೊಸಪೇಟೆ ಟೈಮ್ಸ್ ನ್ಯೂಸ್
ವಿಜಯನಗರ(ಹೊಸಪೇಟೆ): ಹೊಸಪೇಟೆಯಲ್ಲಿ ಬುಧವಾರ ರಸ್ತೆ ಸುರಕ್ಷತೆ ಬಲಪಡಿಸುವುದು ಹಾಗೂ ಅತಿವೇಗ ಚಾಲನೆಯನ್ನು ಪರಿಣಾಮಕಾರಿಯಾಗಿ ನಿಯಂತ್ರಿಸುವ ಉದ್ದೇಶದಿಂದ ವಿಜಯನಗರ ಜಿಲ್ಲಾ ಪೊಲೀಸ್ ಕಚೇರಿಯಲ್ಲಿ ಜಿಲ್ಲೆಯ ಎಲ್ಲಾ ಪೊಲೀಸ್ ಠಾಣೆಗಳ ಅಧಿಕಾರಿಗಳು ಹಾಗೂ ಸಿಬ್ಬಂದಿಗಳಿಗೆ ಸ್ಪೀಡ್ ರಾಡಾರ್ ಗನ್ ಬಳಕೆ ಕುರಿತು ವಿಶೇಷ ತರಬೇತಿ ಕಾರ್ಯಕ್ರಮವನ್ನು ಹಮ್ಮಿಕೊಳ್ಳಲಾಯಿತು.
ತರಬೇತಿ ವೇಳೆ ಸ್ಪೀಡ್ ರಾಡಾರ್ ಗನ್ ನ ಕಾರ್ಯವಿಧಾನ, ವಾಹನಗಳ ವೇಗ ಮಾಪನ ವಿಧಾನ ಅತಿವೇಗದಲ್ಲಿ ಸಂಚರಿಸುವ ವಾಹನಗಳನ್ನು ಗುರುತಿಸುವ ಕ್ರಮ, ಕಾನೂನುಬದ್ಧ ದಾಖಲೆ ನಿರ್ವಹಣೆ ಹಾಗೂ ರಸ್ತೆ ಸುರಕ್ಷತಾ ನಿಯಮಗಳನ್ನು ಪರಿಣಾಮಕಾರಿಯಾಗಿ ಜಾರಿಗೊಳಿಸುವ ಬಗ್ಗೆ ಸವಿಸ್ತಾರ ಮಾಹಿತಿ ನೀಡಲಾಯಿತು.
ಜಿಲ್ಲೆಯಾದ್ಯಂತ ಹೆದ್ದಾರಿಗಳು ರಸ್ತೆ ಅಪಘಾತಗಳನ್ನು ತಡೆಯಲು ವಿಶೇಷವಾಗಿ ಅತಿವೇಗ ಚಾಲನೆಯಿಂದ ಆಗುವ ಅಪಘಾತಗಳನ್ನು ಕಡಿಮೆ ಗೊಳಿಸುವ ನಿಟ್ಟಿನಲ್ಲಿ ಈ ತರಬೇತಿ ಮಹತ್ವದ್ದಾಗಿದೆ ಎಂದು ತಿಳಿಸಲಾಯಿತು. ಮುಂದಿನ ದಿನಗಳಲ್ಲಿ ಪ್ರಮುಖ ಹೆದ್ದಾರಿಗಳು ರಾಜ್ಯ ಹೆದ್ದಾರಿಗಳು ಹಾಗೂ ನಗರ ಪ್ರದೇಶಗಳಲ್ಲಿ ಈ ಉಪಕರಣಗಳನ್ನು ಹೆಚ್ಚು ಪರಿಣಾಮಕಾರಿಯಾಗಿ ಬಳಕೆ ಮಾಡುವ ಮೂಲಕ ಸಂಚಾರ ನಿಯಮ ಉಲ್ಲಂಘನೆಗೆ ಕಡಿವಾಣ ಹಾಕುವ ಉದ್ದೇಶವಿದೆ ಎಂದು ಪೊಲೀಸ್ ಅಧಿಕಾರಿಗಳು ತಿಳಿಸಿದರು.
ಈ ಸಂದರ್ಭದಲ್ಲಿ ವಿಜಯನಗರ ಜಿಲ್ಲಾ ಪೊಲೀಸ್ ಅಧೀಕ್ಷಕರು ಉಪಸ್ಥಿತರಿದ್ದು, ತರಬೇತಿಯ ಮಹತ್ವವನ್ನು ವಿವರಿಸಿ, ಸಾರ್ವಜನಿಕರ ಜೀವ ರಕ್ಷಣೆ ಹಾಗೂ ಅಪಘಾತಗಳ ಪ್ರಮಾಣ ಇಳಿಸುವ ನಿಟ್ಟಿನಲ್ಲಿ ತಾಂತ್ರಿಕ ಸಾಧನಗಳ ಸಮರ್ಪಕ ಬಳಕೆ ಅತ್ಯಗತ್ಯವಾಗಿದೆ ಎಂದು ತಿಳಿಸಿದರು.
ಶಿಕ್ಷಕರ ವರ್ಗಾವಣೆ ವಿಧೇಯಕ
ತಿದ್ದುಪಡಿಗೆ ಸತೀಶ್ ಮನವಿ
ಹೊಸಪೇಟೆ ಟೈಮ್ಸ್ ನ್ಯೂಸ್
ಬಳ್ಳಾರಿ: ವಿಧಾನ ಪರಿಷತ್ ನ ಅಧಿವೇಶನದಲ್ಲಿ ನಿನ್ನೆ ಕರ್ನಾಟಕ ರಾಜ್ಯ ಸಿವಿಲ್ ಸೇವೆಗಳು, ಶಿಕ್ಷಕರ ವರ್ಗಾವಣೆ ನಿಯಂತ್ರಣ ತಿದ್ದುಪಡಿ ವಿಧೇಯಕದ ಮೇಲೆ ಮಾತನಾಡಿದ ವಿಧಾನ ಪರಿಷತ್ ಸದಸ್ಯ ವೈ.ಎಂ.ಸತೀಶ್ ಅವರು, ಸರ್ಕಾರ ಈ ವಿಧೇಯಕದಲ್ಲಿನ ಅನೇಕ ಲೋಪಗಳನ್ನು ಸರಿಪಡಿಸಬೇಕು, ಶಿಕ್ಷಕರ ಹಿತ ಕಾಪಾಡಬೇಕೆಂದು ಮನವಿ ಮಾಡಿದರು. ಅಧಿಕಾರಿಗಳು ವಿಧೇಯಕದ ಪದಗಳನ್ನು ಸರಿಪಡಿಸಲು ಸೂಚನೆ ನೀಡುವಂತೆ ಸರ್ಕಾರವನ್ನು ಕೋರಿದರು.
ಈ ವಿಧೇಯಕದಲ್ಲಿ ತರುವ ಬಗ್ಗೆ ಹಾಗೂ ಶಿಶು ಪಾಲನೆ ಮಾಡುವ ಸಣ್ಣ ಮಕ್ಕಳ ತಾಯಂದಿರ ಬಗ್ಗೆ ಸ್ಥಳ ಇಲ್ಲದೆ ನೀಡಲು ಸೂಕ್ತ ತಿದ್ದುಪಡಿಯನ್ನು ತರುವಂತೆ ಈ ಹಿಂದೆ ಪ್ರಸ್ತಾಪಿಸಲಾಗಿದ್ದು ಸಮಯದಲ್ಲಿ ಚರ್ಚೆ ನಡೆಸಿ
ಸಚಿವರ ಗಮನಕ್ಕೆ ತರಲಾಗಿತ್ತು ಎಂದು ಹೇಳಿದ್ದಾರೆ.
